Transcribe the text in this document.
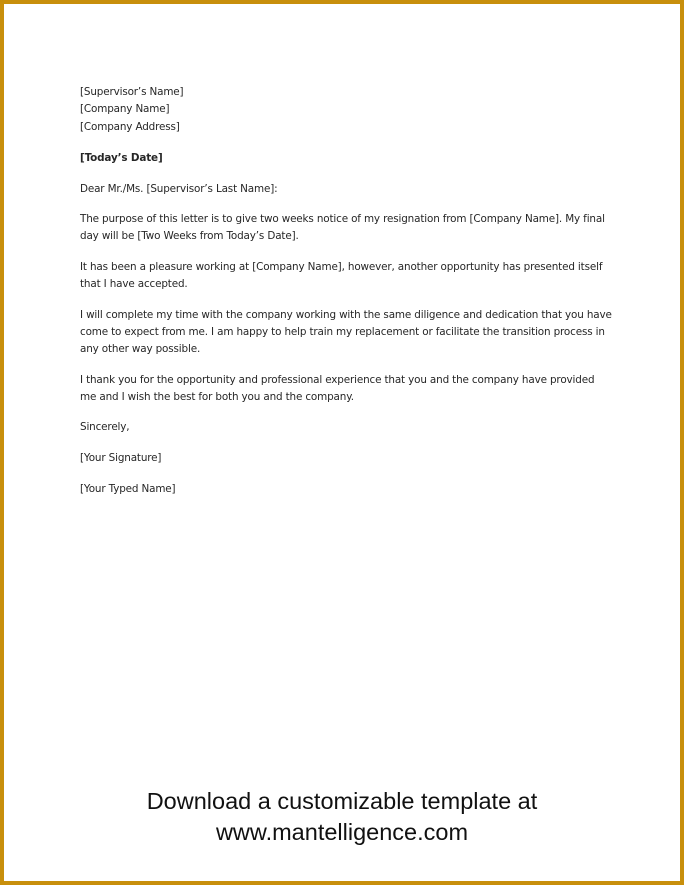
[Supervisor’s Name]
[Company Name]
[Company Address]
[Today’s Date]
Dear Mr./Ms. [Supervisor’s Last Name]:
The purpose of this letter is to give two weeks notice of my resignation from [Company Name]. My final
day will be [Two Weeks from Today’s Date].
It has been a pleasure working at [Company Name], however, another opportunity has presented itself
that I have accepted.
I will complete my time with the company working with the same diligence and dedication that you have
come to expect from me. I am happy to help train my replacement or facilitate the transition process in
any other way possible.
I thank you for the opportunity and professional experience that you and the company have provided
me and I wish the best for both you and the company.
Sincerely,
[Your Signature]
[Your Typed Name]
Download a customizable template at
www.mantelligence.com
